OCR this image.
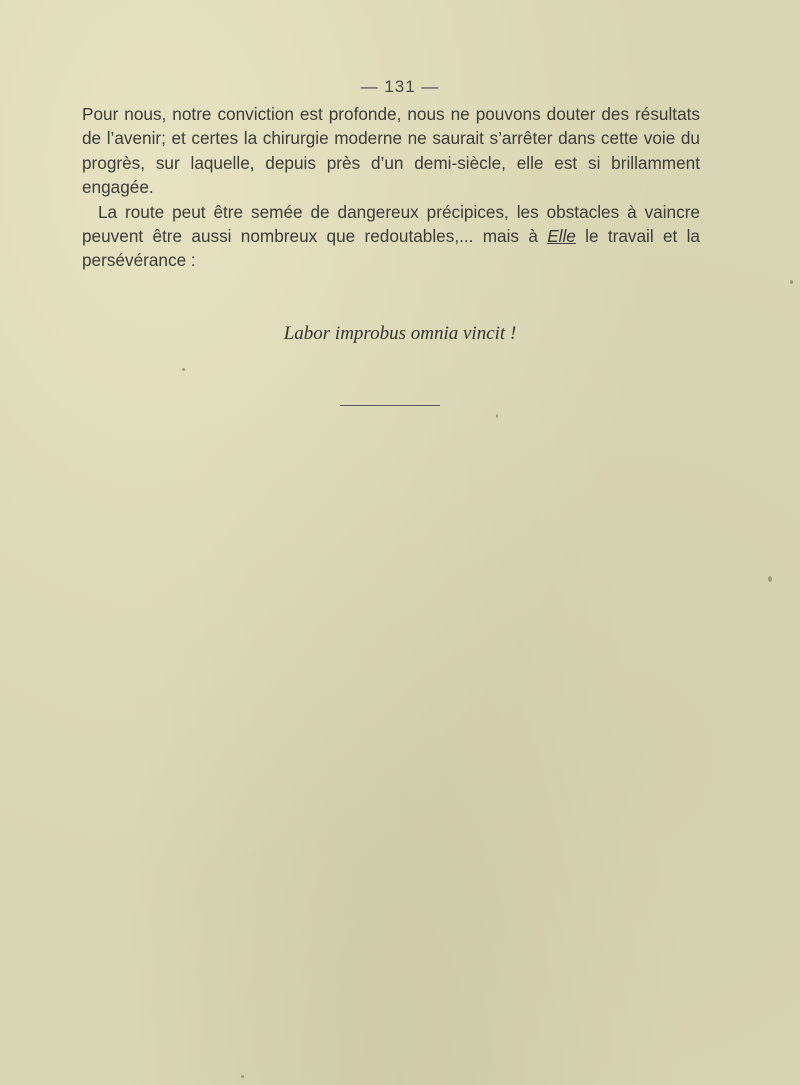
— 131 —

Pour nous, notre conviction est profonde, nous ne pouvons douter des résultats de l’avenir; et certes la chirurgie moderne ne saurait s’arrêter dans cette voie du progrès, sur laquelle, depuis près d’un demi-siècle, elle est si brillamment engagée.

La route peut être semée de dangereux précipices, les obstacles à vaincre peuvent être aussi nombreux que redoutables,... mais à Elle le travail et la persévérance :

Labor improbus omnia vincit !
